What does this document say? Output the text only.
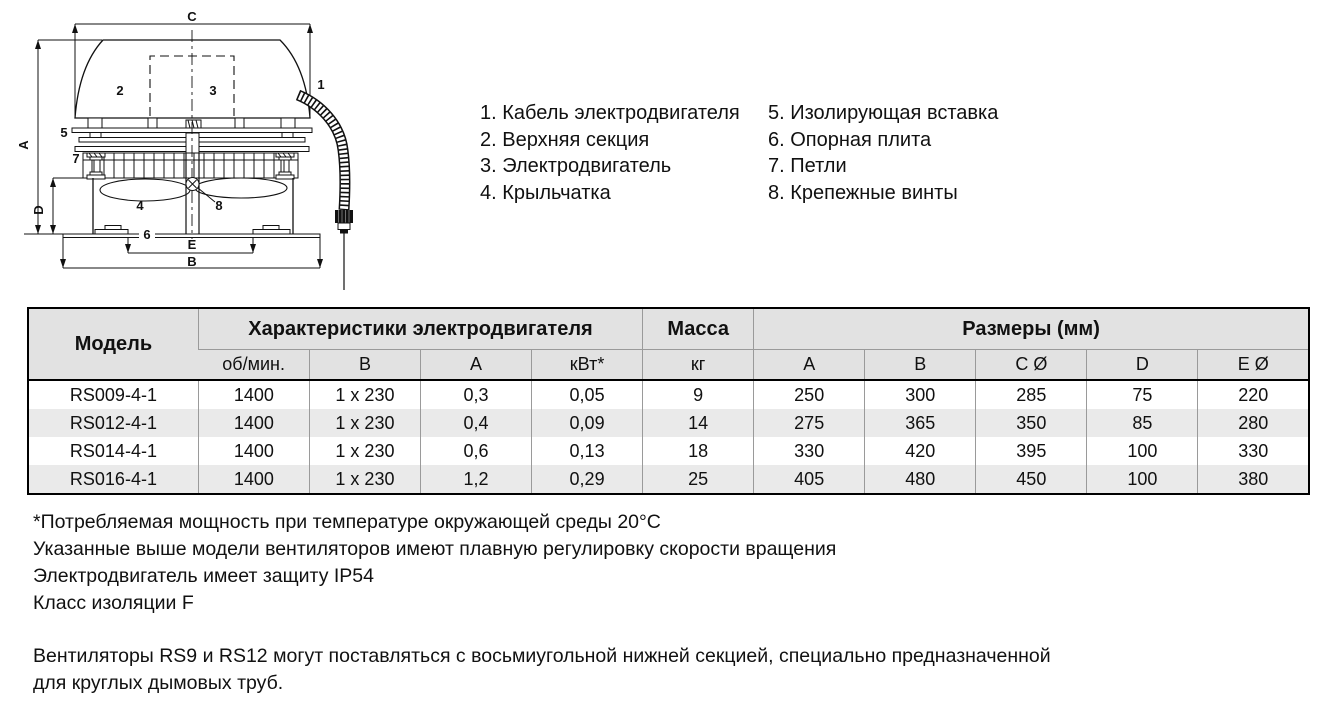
C
A
D
E
B
1
2	3
4
5
6
7
8
1. Кабель электродвигателя
2. Верхняя секция
3. Электродвигатель
4. Крыльчатка
5. Изолирующая вставка
6. Опорная плита
7. Петли
8. Крепежные винты
Модель	Характеристики электродвигателя				Масса	Размеры (мм)				
	об/мин.	В	А	кВт*	кг	A	B	C Ø	D	E Ø
RS009-4-1	1400	1 x 230	0,3	0,05	9	250	300	285	75	220
RS012-4-1	1400	1 x 230	0,4	0,09	14	275	365	350	85	280
RS014-4-1	1400	1 x 230	0,6	0,13	18	330	420	395	100	330
RS016-4-1	1400	1 x 230	1,2	0,29	25	405	480	450	100	380
*Потребляемая мощность при температуре окружающей среды 20°С
Указанные выше модели вентиляторов имеют плавную регулировку скорости вращения
Электродвигатель имеет защиту IP54
Класс изоляции F
Вентиляторы RS9 и RS12 могут поставляться с восьмиугольной нижней секцией, специально предназначенной
для круглых дымовых труб.
